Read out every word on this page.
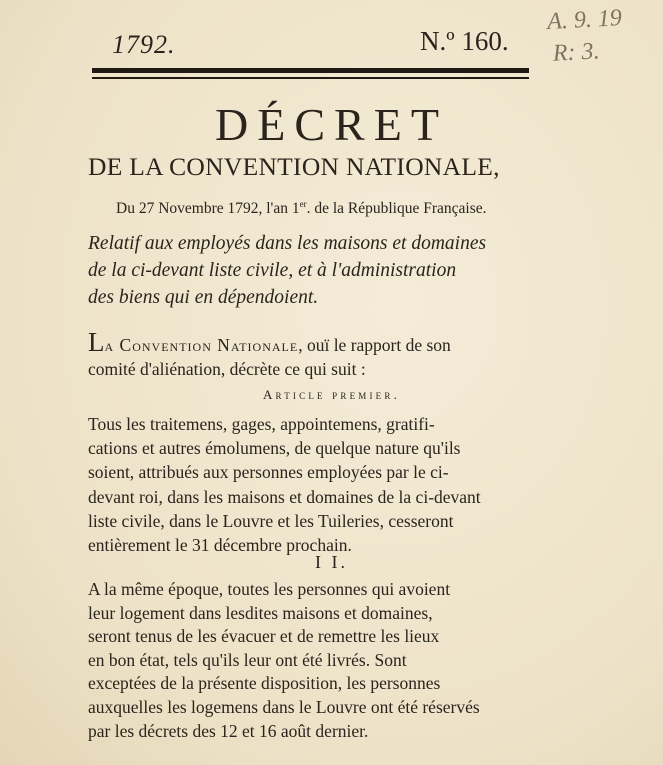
1792.	N.º 160.
A. 9. 19
R: 3.
DÉCRET
DE LA CONVENTION NATIONALE,
Du 27 Novembre 1792, l'an 1er. de la République Française.
Relatif aux employés dans les maisons et domaines
de la ci-devant liste civile, et à l'administration
des biens qui en dépendoient.
La Convention Nationale, ouï le rapport de son
comité d'aliénation, décrète ce qui suit :
Article premier.
Tous les traitemens, gages, appointemens, gratifi-
cations et autres émolumens, de quelque nature qu'ils
soient, attribués aux personnes employées par le ci-
devant roi, dans les maisons et domaines de la ci-devant
liste civile, dans le Louvre et les Tuileries, cesseront
entièrement le 31 décembre prochain.
I I.
A la même époque, toutes les personnes qui avoient
leur logement dans lesdites maisons et domaines,
seront tenus de les évacuer et de remettre les lieux
en bon état, tels qu'ils leur ont été livrés. Sont
exceptées de la présente disposition, les personnes
auxquelles les logemens dans le Louvre ont été réservés
par les décrets des 12 et 16 août dernier.
